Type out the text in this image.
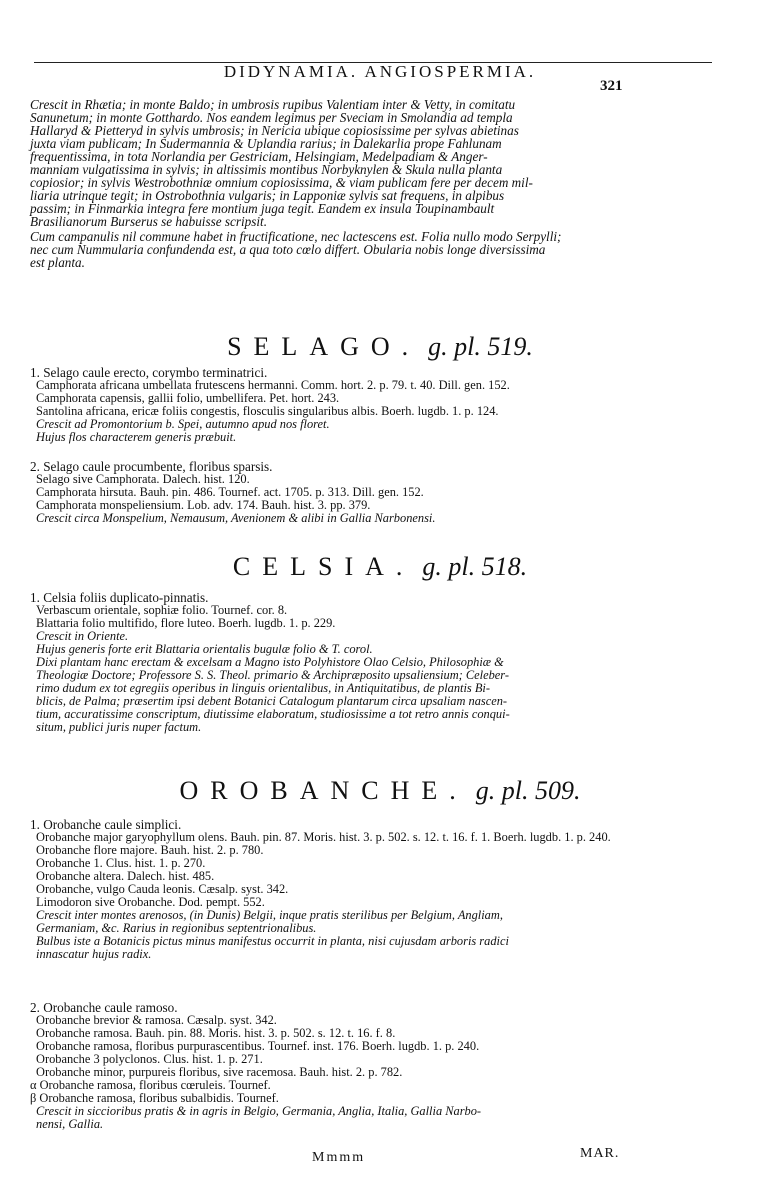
DIDYNAMIA. ANGIOSPERMIA.
321
Crescit in Rhætia; in monte Baldo; in umbrosis rupibus Valentiam inter & Vetty, in comitatu
Sanunetum; in monte Gotthardo. Nos eandem legimus per Sveciam in Smolandia ad templa
Hallaryd & Pietteryd in sylvis umbrosis; in Nericia ubique copiosissime per sylvas abietinas
juxta viam publicam; In Sudermannia & Uplandia rarius; in Dalekarlia prope Fahlunam
frequentissima, in tota Norlandia per Gestriciam, Helsingiam, Medelpadiam & Anger-
manniam vulgatissima in sylvis; in altissimis montibus Norbyknylen & Skula nulla planta
copiosior; in sylvis Westrobothniæ omnium copiosissima, & viam publicam fere per decem mil-
liaria utrinque tegit; in Ostrobothnia vulgaris; in Lapponiæ sylvis sat frequens, in alpibus
passim; in Finmarkia integra fere montium juga tegit. Eandem ex insula Toupinambault
Brasilianorum Burserus se habuisse scripsit.
Cum campanulis nil commune habet in fructificatione, nec lactescens est. Folia nullo modo Serpylli;
nec cum Nummularia confundenda est, a qua toto cœlo differt. Obularia nobis longe diversissima
est planta.
SELAGO. g. pl. 519.
1. Selago caule erecto, corymbo terminatrici.
Camphorata africana umbellata frutescens hermanni. Comm. hort. 2. p. 79. t. 40. Dill. gen. 152.
Camphorata capensis, gallii folio, umbellifera. Pet. hort. 243.
Santolina africana, ericæ foliis congestis, flosculis singularibus albis. Boerh. lugdb. 1. p. 124.
Crescit ad Promontorium b. Spei, autumno apud nos floret.
Hujus flos characterem generis præbuit.
2. Selago caule procumbente, floribus sparsis.
Selago sive Camphorata. Dalech. hist. 120.
Camphorata hirsuta. Bauh. pin. 486. Tournef. act. 1705. p. 313. Dill. gen. 152.
Camphorata monspeliensium. Lob. adv. 174. Bauh. hist. 3. pp. 379.
Crescit circa Monspelium, Nemausum, Avenionem & alibi in Gallia Narbonensi.
CELSIA. g. pl. 518.
1. Celsia foliis duplicato-pinnatis.
Verbascum orientale, sophiæ folio. Tournef. cor. 8.
Blattaria folio multifido, flore luteo. Boerh. lugdb. 1. p. 229.
Crescit in Oriente.
Hujus generis forte erit Blattaria orientalis bugulæ folio & T. corol.
Dixi plantam hanc erectam & excelsam a Magno isto Polyhistore Olao Celsio, Philosophiæ &
Theologiæ Doctore; Professore S. S. Theol. primario & Archipræposito upsaliensium; Celeber-
rimo dudum ex tot egregiis operibus in linguis orientalibus, in Antiquitatibus, de plantis Bi-
blicis, de Palma; præsertim ipsi debent Botanici Catalogum plantarum circa upsaliam nascen-
tium, accuratissime conscriptum, diutissime elaboratum, studiosissime a tot retro annis conqui-
situm, publici juris nuper factum.
OROBANCHE. g. pl. 509.
1. Orobanche caule simplici.
Orobanche major garyophyllum olens. Bauh. pin. 87. Moris. hist. 3. p. 502. s. 12. t. 16. f. 1. Boerh. lugdb. 1. p. 240.
Orobanche flore majore. Bauh. hist. 2. p. 780.
Orobanche 1. Clus. hist. 1. p. 270.
Orobanche altera. Dalech. hist. 485.
Orobanche, vulgo Cauda leonis. Cæsalp. syst. 342.
Limodoron sive Orobanche. Dod. pempt. 552.
Crescit inter montes arenosos, (in Dunis) Belgii, inque pratis sterilibus per Belgium, Angliam,
Germaniam, &c. Rarius in regionibus septentrionalibus.
Bulbus iste a Botanicis pictus minus manifestus occurrit in planta, nisi cujusdam arboris radici
innascatur hujus radix.
2. Orobanche caule ramoso.
Orobanche brevior & ramosa. Cæsalp. syst. 342.
Orobanche ramosa. Bauh. pin. 88. Moris. hist. 3. p. 502. s. 12. t. 16. f. 8.
Orobanche ramosa, floribus purpurascentibus. Tournef. inst. 176. Boerh. lugdb. 1. p. 240.
Orobanche 3 polyclonos. Clus. hist. 1. p. 271.
Orobanche minor, purpureis floribus, sive racemosa. Bauh. hist. 2. p. 782.
α Orobanche ramosa, floribus cœruleis. Tournef.
β Orobanche ramosa, floribus subalbidis. Tournef.
Crescit in siccioribus pratis & in agris in Belgio, Germania, Anglia, Italia, Gallia Narbo-
nensi, Gallia.
Mmmm	MAR.
